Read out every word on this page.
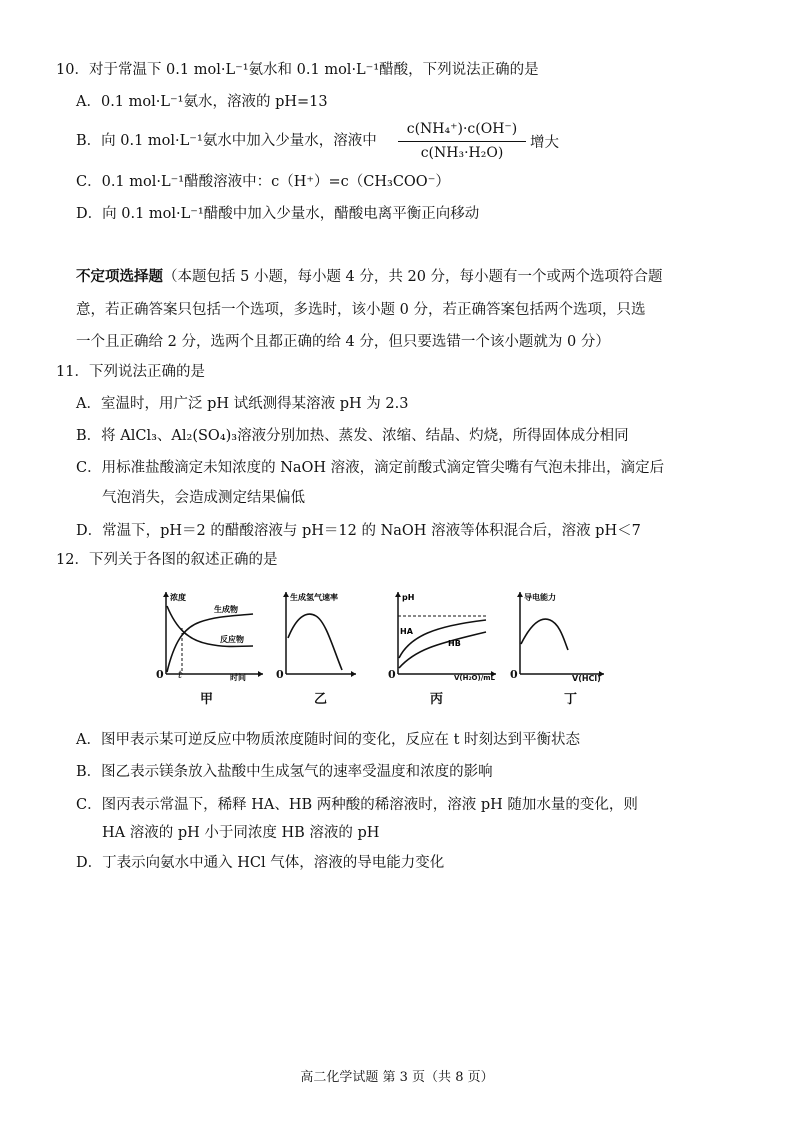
10．对于常温下 0.1 mol·L⁻¹氨水和 0.1 mol·L⁻¹醋酸，下列说法正确的是
A．0.1 mol·L⁻¹氨水，溶液的 pH=13
B．向 0.1 mol·L⁻¹氨水中加入少量水，溶液中 $\frac{\text{c(NH₄⁺)·c(OH⁻)}}{\text{c(NH₃·H₂O)}}$ 增大
C．0.1 mol·L⁻¹醋酸溶液中：c（H⁺）=c（CH₃COO⁻）
D．向 0.1 mol·L⁻¹醋酸中加入少量水，醋酸电离平衡正向移动
不定项选择题（本题包括 5 小题，每小题 4 分，共 20 分，每小题有一个或两个选项符合题
意，若正确答案只包括一个选项，多选时，该小题 0 分，若正确答案包括两个选项，只选
一个且正确给 2 分，选两个且都正确的给 4 分，但只要选错一个该小题就为 0 分）
11．下列说法正确的是
A．室温时，用广泛 pH 试纸测得某溶液 pH 为 2.3
B．将 AlCl₃、Al₂(SO₄)₃溶液分别加热、蒸发、浓缩、结晶、灼烧，所得固体成分相同
C．用标准盐酸滴定未知浓度的 NaOH 溶液，滴定前酸式滴定管尖嘴有气泡未排出，滴定后
气泡消失，会造成测定结果偏低
D．常温下，pH＝2 的醋酸溶液与 pH＝12 的 NaOH 溶液等体积混合后，溶液 pH＜7
12．下列关于各图的叙述正确的是
浓度
生成物
反应物
0 t	时间
甲
生成氢气速率
0
乙
pH
HA
HB
0	V(H₂O)/mL
丙
导电能力
0	V(HCl)
丁
A．图甲表示某可逆反应中物质浓度随时间的变化，反应在 t 时刻达到平衡状态
B．图乙表示镁条放入盐酸中生成氢气的速率受温度和浓度的影响
C．图丙表示常温下，稀释 HA、HB 两种酸的稀溶液时，溶液 pH 随加水量的变化，则
HA 溶液的 pH 小于同浓度 HB 溶液的 pH
D．丁表示向氨水中通入 HCl 气体，溶液的导电能力变化
高二化学试题 第 3 页（共 8 页）
